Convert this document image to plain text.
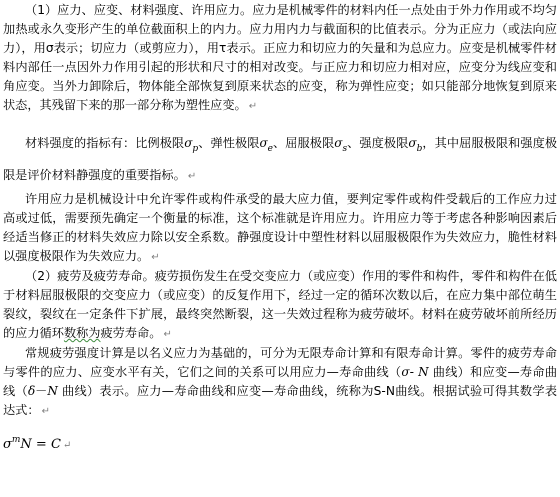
（1）应力、应变、材料强度、许用应力。应力是机械零件的材料内任一点处由于外力作用或不均匀加热或永久变形产生的单位截面积上的内力。应力用内力与截面积的比值表示。分为正应力（或法向应力），用σ表示；切应力（或剪应力），用τ表示。正应力和切应力的矢量和为总应力。应变是机械零件材料内部任一点因外力作用引起的形状和尺寸的相对改变。与正应力和切应力相对应，应变分为线应变和角应变。当外力卸除后，物体能全部恢复到原来状态的应变，称为弹性应变；如只能部分地恢复到原来状态，其残留下来的那一部分称为塑性应变。 ↵

材料强度的指标有：比例极限$\sigma_p$、弹性极限$\sigma_e$、屈服极限$\sigma_s$、强度极限$\sigma_b$，其中屈服极限和强度极限是评价材料静强度的重要指标。 ↵

许用应力是机械设计中允许零件或构件承受的最大应力值，要判定零件或构件受载后的工作应力过高或过低，需要预先确定一个衡量的标准，这个标准就是许用应力。许用应力等于考虑各种影响因素后经适当修正的材料失效应力除以安全系数。静强度设计中塑性材料以屈服极限作为失效应力，脆性材料以强度极限作为失效应力。 ↵

（2）疲劳及疲劳寿命。疲劳损伤发生在受交变应力（或应变）作用的零件和构件，零件和构件在低于材料屈服极限的交变应力（或应变）的反复作用下，经过一定的循环次数以后，在应力集中部位萌生裂纹，裂纹在一定条件下扩展，最终突然断裂，这一失效过程称为疲劳破坏。材料在疲劳破坏前所经历的应力循环数称为疲劳寿命。 ↵

常规疲劳强度计算是以名义应力为基础的，可分为无限寿命计算和有限寿命计算。零件的疲劳寿命与零件的应力、应变水平有关，它们之间的关系可以用应力—寿命曲线（σ- N 曲线）和应变—寿命曲线（δ－N 曲线）表示。应力—寿命曲线和应变—寿命曲线，统称为S-N曲线。根据试验可得其数学表达式： ↵

$\sigma^mN = C$ ↵
